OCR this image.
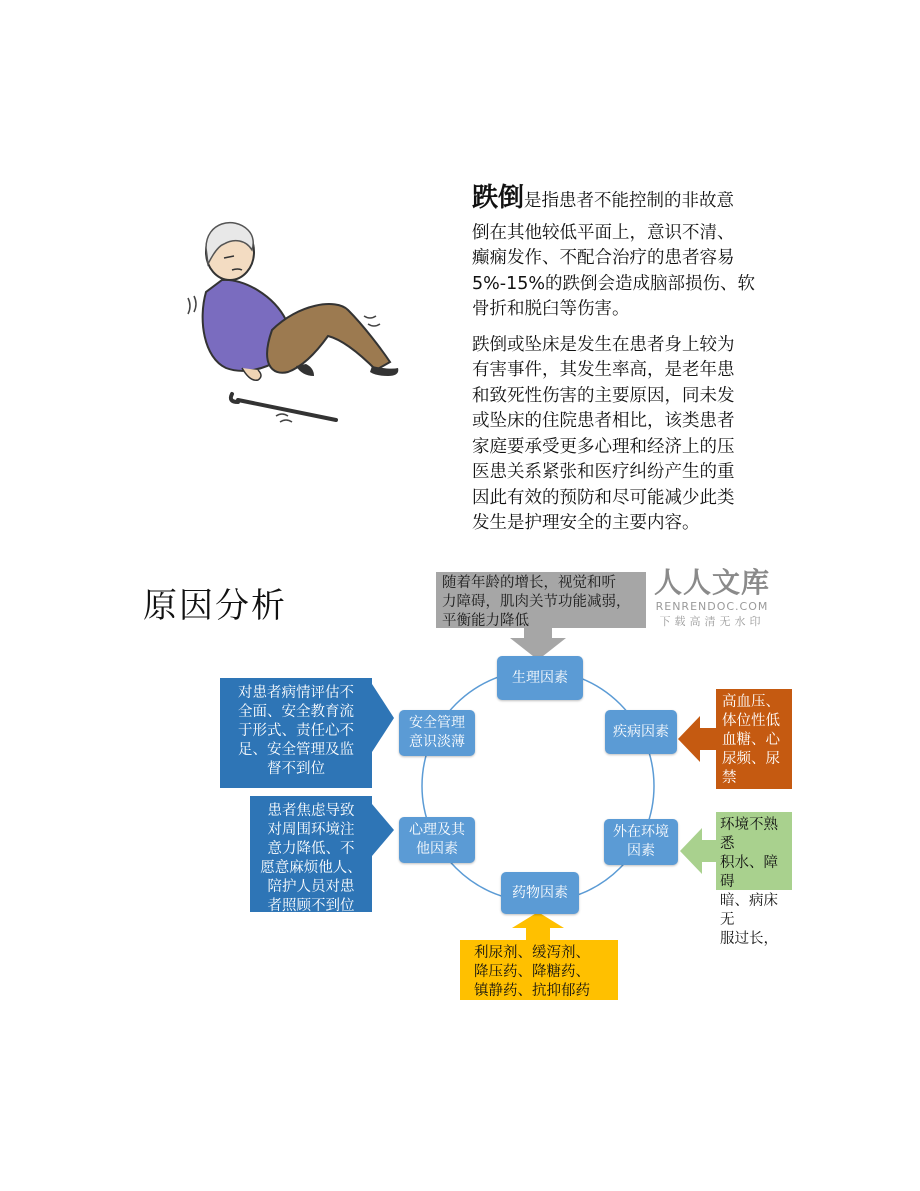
跌倒是指患者不能控制的非故意

倒在其他较低平面上，意识不清、

癫痫发作、不配合治疗的患者容易

5%-15%的跌倒会造成脑部损伤、软

骨折和脱臼等伤害。

跌倒或坠床是发生在患者身上较为

有害事件，其发生率高，是老年患

和致死性伤害的主要原因，同未发

或坠床的住院患者相比，该类患者

家庭要承受更多心理和经济上的压

医患关系紧张和医疗纠纷产生的重

因此有效的预防和尽可能减少此类

发生是护理安全的主要内容。

原因分析
生理因素
疾病因素
外在环境
因素
药物因素
心理及其
他因素
安全管理
意识淡薄
随着年龄的增长，视觉和听
力障碍，肌肉关节功能减弱，
平衡能力降低
高血压、
体位性低
血糖、心
尿频、尿
禁
环境不熟悉
积水、障碍
暗、病床无
服过长，
利尿剂、缓泻剂、
降压药、降糖药、
镇静药、抗抑郁药
患者焦虑导致
对周围环境注
意力降低、不
愿意麻烦他人、
陪护人员对患
者照顾不到位
对患者病情评估不
全面、安全教育流
于形式、责任心不
足、安全管理及监
督不到位
人人文库
RENRENDOC.COM
下载高清无水印
